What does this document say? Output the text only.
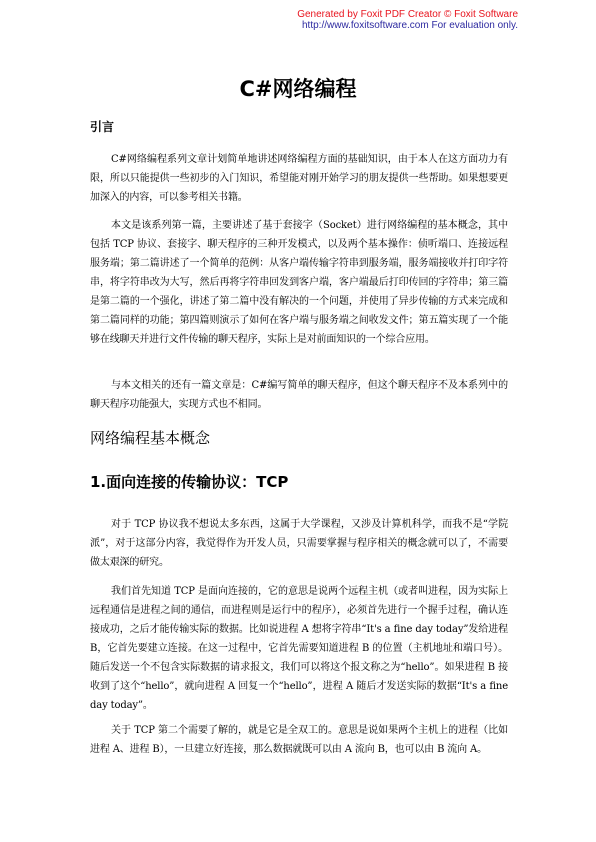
Generated by Foxit PDF Creator © Foxit Software
http://www.foxitsoftware.com For evaluation only.
C#网络编程
引言

C#网络编程系列文章计划简单地讲述网络编程方面的基础知识，由于本人在这方面功力有限，所以只能提供一些初步的入门知识，希望能对刚开始学习的朋友提供一些帮助。如果想要更加深入的内容，可以参考相关书籍。

本文是该系列第一篇，主要讲述了基于套接字（Socket）进行网络编程的基本概念，其中包括 TCP 协议、套接字、聊天程序的三种开发模式，以及两个基本操作：侦听端口、连接远程服务端；第二篇讲述了一个简单的范例：从客户端传输字符串到服务端，服务端接收并打印字符串，将字符串改为大写，然后再将字符串回发到客户端，客户端最后打印传回的字符串；第三篇是第二篇的一个强化，讲述了第二篇中没有解决的一个问题，并使用了异步传输的方式来完成和第二篇同样的功能；第四篇则演示了如何在客户端与服务端之间收发文件；第五篇实现了一个能够在线聊天并进行文件传输的聊天程序，实际上是对前面知识的一个综合应用。

与本文相关的还有一篇文章是：C#编写简单的聊天程序，但这个聊天程序不及本系列中的聊天程序功能强大，实现方式也不相同。

网络编程基本概念
1.面向连接的传输协议：TCP

对于 TCP 协议我不想说太多东西，这属于大学课程，又涉及计算机科学，而我不是“学院派”，对于这部分内容，我觉得作为开发人员，只需要掌握与程序相关的概念就可以了，不需要做太艰深的研究。

我们首先知道 TCP 是面向连接的，它的意思是说两个远程主机（或者叫进程，因为实际上远程通信是进程之间的通信，而进程则是运行中的程序），必须首先进行一个握手过程，确认连接成功，之后才能传输实际的数据。比如说进程 A 想将字符串“It's a fine day today”发给进程 B，它首先要建立连接。在这一过程中，它首先需要知道进程 B 的位置（主机地址和端口号）。随后发送一个不包含实际数据的请求报文，我们可以将这个报文称之为“hello”。如果进程 B 接收到了这个“hello”，就向进程 A 回复一个“hello”，进程 A 随后才发送实际的数据“It's a fine day today”。

关于 TCP 第二个需要了解的，就是它是全双工的。意思是说如果两个主机上的进程（比如进程 A、进程 B），一旦建立好连接，那么数据就既可以由 A 流向 B，也可以由 B 流向 A。
